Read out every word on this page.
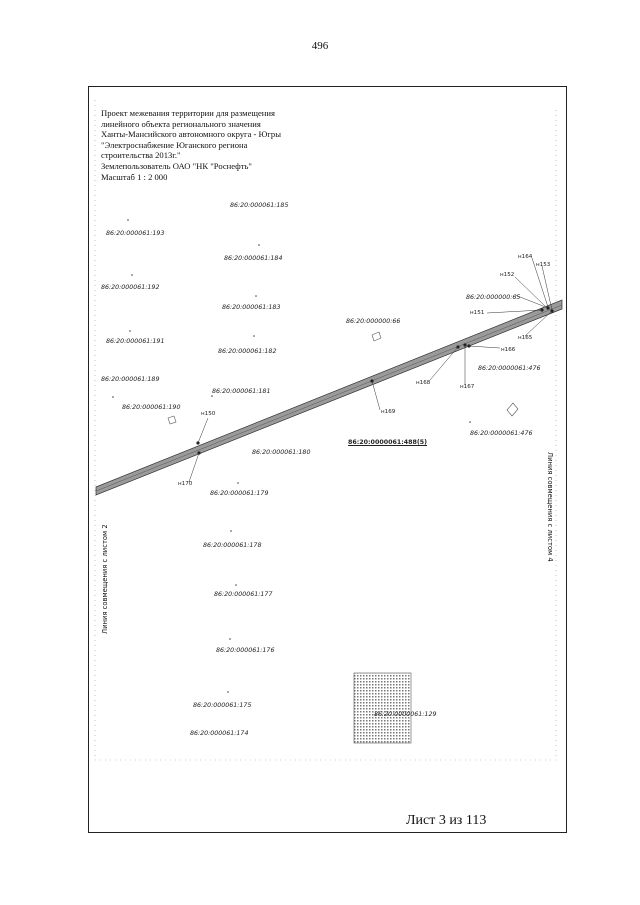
496
Проект межевания территории для размещения
линейного объекта регионального значения
Ханты-Мансийского автономного округа - Югры
"Электроснабжение Юганского региона
строительства 2013г."
Землепользователь ОАО "НК "Роснефть"
Масштаб 1 : 2 000
86:20:000061:185
86:20:000061:193
86:20:000061:184
86:20:000061:192
86:20:000061:183
86:20:000000:66
86:20:000000:65
86:20:000061:191
86:20:000061:182
86:20:0000061:476
86:20:000061:189
86:20:000061:181
86:20:000061:190
86:20:0000061:476
86:20:000061:180
86:20:000061:179
86:20:000061:178
86:20:000061:177
86:20:000061:176
86:20:000061:175
86:20:000061:174
86:20:0000061:129
86:20:0000061:488(5)
н164
н153
н152
н151
н165
н166
н167
н168
н169
н150
н170
Линия совмещения с листом 2
Линия совмещения с листом 4
Лист 3 из 113
